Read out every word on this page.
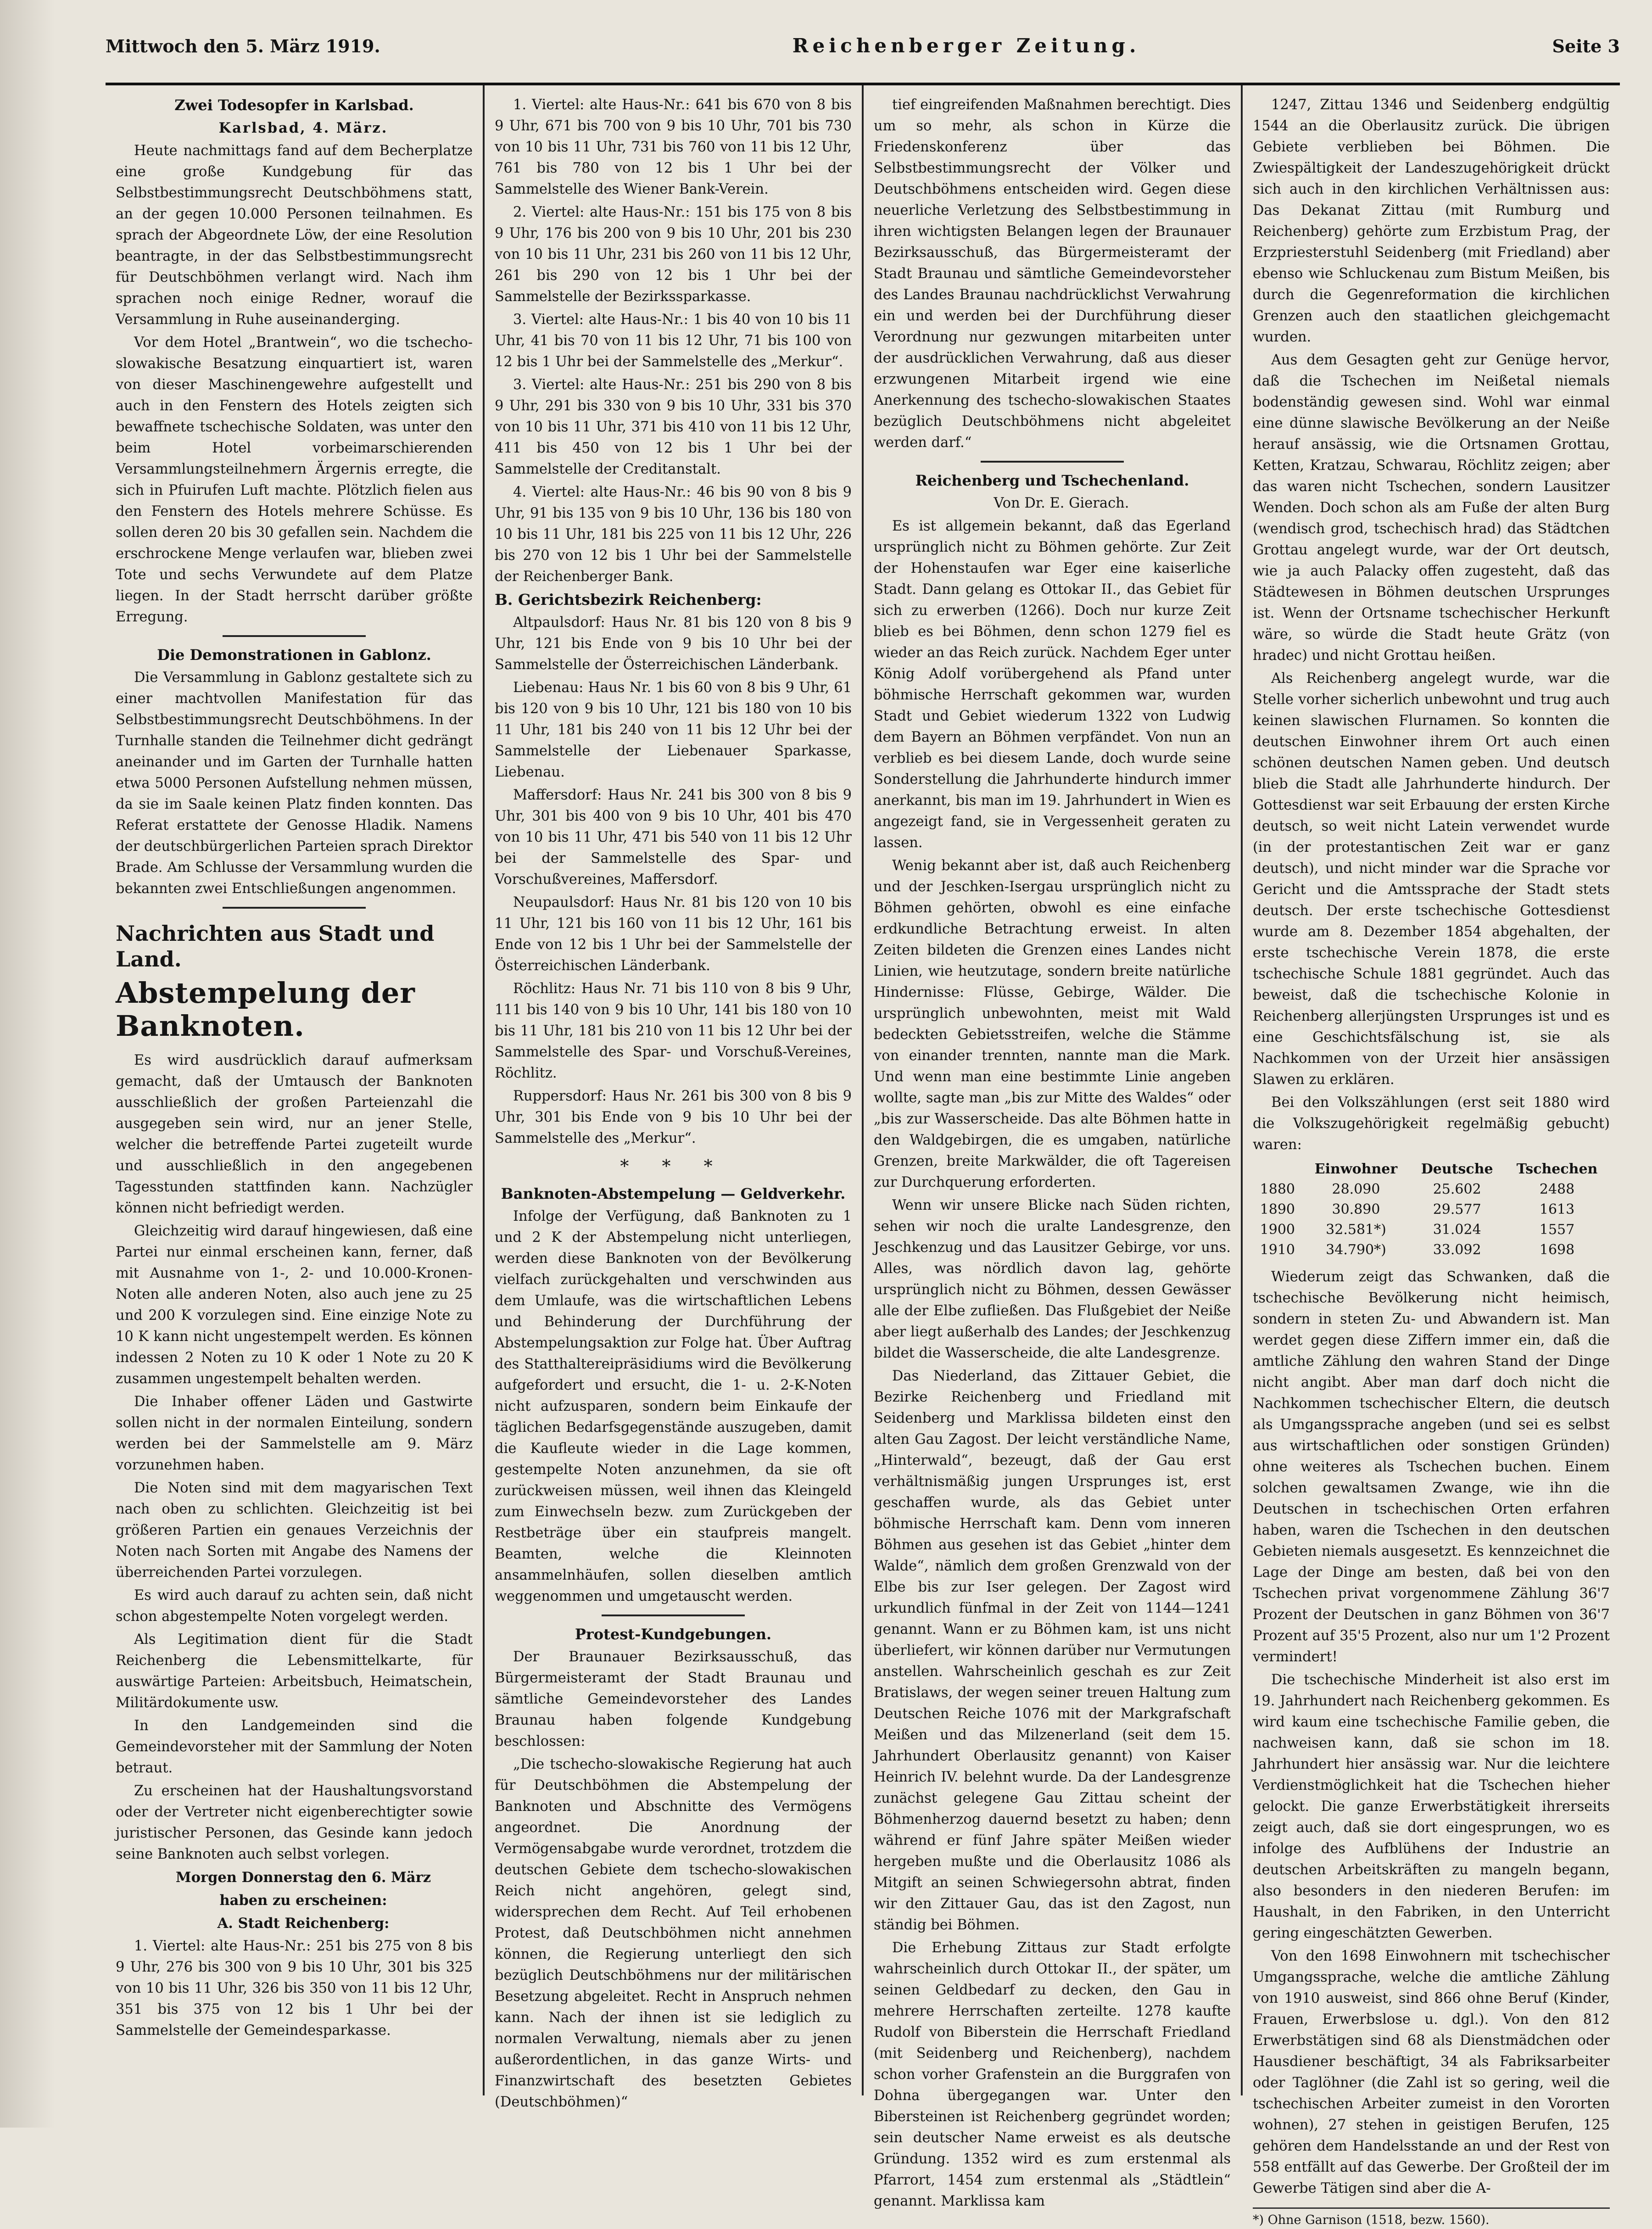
Mittwoch den 5. März 1919.	Reichenberger Zeitung.	Seite 3

Zwei Todesopfer in Karlsbad.

Karlsbad, 4. März.

Heute nachmittags fand auf dem Becherplatze eine große Kundgebung für das Selbstbestimmungsrecht Deutschböhmens statt, an der gegen 10.000 Personen teilnahmen. Es sprach der Abgeordnete Löw, der eine Resolution beantragte, in der das Selbstbestimmungsrecht für Deutschböhmen verlangt wird. Nach ihm sprachen noch einige Redner, worauf die Versammlung in Ruhe auseinanderging.

Vor dem Hotel „Brantwein“, wo die tschecho-slowakische Besatzung einquartiert ist, waren von dieser Maschinengewehre aufgestellt und auch in den Fenstern des Hotels zeigten sich bewaffnete tschechische Soldaten, was unter den beim Hotel vorbeimarschierenden Versammlungsteilnehmern Ärgernis erregte, die sich in Pfuirufen Luft machte. Plötzlich fielen aus den Fenstern des Hotels mehrere Schüsse. Es sollen deren 20 bis 30 gefallen sein. Nachdem die erschrockene Menge verlaufen war, blieben zwei Tote und sechs Verwundete auf dem Platze liegen. In der Stadt herrscht darüber größte Erregung.

Die Demonstrationen in Gablonz.

Die Versammlung in Gablonz gestaltete sich zu einer machtvollen Manifestation für das Selbstbestimmungsrecht Deutschböhmens. In der Turnhalle standen die Teilnehmer dicht gedrängt aneinander und im Garten der Turnhalle hatten etwa 5000 Personen Aufstellung nehmen müssen, da sie im Saale keinen Platz finden konnten. Das Referat erstattete der Genosse Hladik. Namens der deutschbürgerlichen Parteien sprach Direktor Brade. Am Schlusse der Versammlung wurden die bekannten zwei Entschließungen angenommen.

Nachrichten aus Stadt und Land.
Abstempelung der Banknoten.

Es wird ausdrücklich darauf aufmerksam gemacht, daß der Umtausch der Banknoten ausschließlich der großen Parteienzahl die ausgegeben sein wird, nur an jener Stelle, welcher die betreffende Partei zugeteilt wurde und ausschließlich in den angegebenen Tagesstunden stattfinden kann. Nachzügler können nicht befriedigt werden.

Gleichzeitig wird darauf hingewiesen, daß eine Partei nur einmal erscheinen kann, ferner, daß mit Ausnahme von 1-, 2- und 10.000-Kronen-Noten alle anderen Noten, also auch jene zu 25 und 200 K vorzulegen sind. Eine einzige Note zu 10 K kann nicht ungestempelt werden. Es können indessen 2 Noten zu 10 K oder 1 Note zu 20 K zusammen ungestempelt behalten werden.

Die Inhaber offener Läden und Gastwirte sollen nicht in der normalen Einteilung, sondern werden bei der Sammelstelle am 9. März vorzunehmen haben.

Die Noten sind mit dem magyarischen Text nach oben zu schlichten. Gleichzeitig ist bei größeren Partien ein genaues Verzeichnis der Noten nach Sorten mit Angabe des Namens der überreichenden Partei vorzulegen.

Es wird auch darauf zu achten sein, daß nicht schon abgestempelte Noten vorgelegt werden.

Als Legitimation dient für die Stadt Reichenberg die Lebensmittelkarte, für auswärtige Parteien: Arbeitsbuch, Heimatschein, Militärdokumente usw.

In den Landgemeinden sind die Gemeindevorsteher mit der Sammlung der Noten betraut.

Zu erscheinen hat der Haushaltungsvorstand oder der Vertreter nicht eigenberechtigter sowie juristischer Personen, das Gesinde kann jedoch seine Banknoten auch selbst vorlegen.

Morgen Donnerstag den 6. März

haben zu erscheinen:

A. Stadt Reichenberg:

1. Viertel: alte Haus-Nr.: 251 bis 275 von 8 bis 9 Uhr, 276 bis 300 von 9 bis 10 Uhr, 301 bis 325 von 10 bis 11 Uhr, 326 bis 350 von 11 bis 12 Uhr, 351 bis 375 von 12 bis 1 Uhr bei der Sammelstelle der Gemeindesparkasse.

1. Viertel: alte Haus-Nr.: 641 bis 670 von 8 bis 9 Uhr, 671 bis 700 von 9 bis 10 Uhr, 701 bis 730 von 10 bis 11 Uhr, 731 bis 760 von 11 bis 12 Uhr, 761 bis 780 von 12 bis 1 Uhr bei der Sammelstelle des Wiener Bank-Verein.

2. Viertel: alte Haus-Nr.: 151 bis 175 von 8 bis 9 Uhr, 176 bis 200 von 9 bis 10 Uhr, 201 bis 230 von 10 bis 11 Uhr, 231 bis 260 von 11 bis 12 Uhr, 261 bis 290 von 12 bis 1 Uhr bei der Sammelstelle der Bezirkssparkasse.

3. Viertel: alte Haus-Nr.: 1 bis 40 von 10 bis 11 Uhr, 41 bis 70 von 11 bis 12 Uhr, 71 bis 100 von 12 bis 1 Uhr bei der Sammelstelle des „Merkur“.

3. Viertel: alte Haus-Nr.: 251 bis 290 von 8 bis 9 Uhr, 291 bis 330 von 9 bis 10 Uhr, 331 bis 370 von 10 bis 11 Uhr, 371 bis 410 von 11 bis 12 Uhr, 411 bis 450 von 12 bis 1 Uhr bei der Sammelstelle der Creditanstalt.

4. Viertel: alte Haus-Nr.: 46 bis 90 von 8 bis 9 Uhr, 91 bis 135 von 9 bis 10 Uhr, 136 bis 180 von 10 bis 11 Uhr, 181 bis 225 von 11 bis 12 Uhr, 226 bis 270 von 12 bis 1 Uhr bei der Sammelstelle der Reichenberger Bank.

B. Gerichtsbezirk Reichenberg:

Altpaulsdorf: Haus Nr. 81 bis 120 von 8 bis 9 Uhr, 121 bis Ende von 9 bis 10 Uhr bei der Sammelstelle der Österreichischen Länderbank.

Liebenau: Haus Nr. 1 bis 60 von 8 bis 9 Uhr, 61 bis 120 von 9 bis 10 Uhr, 121 bis 180 von 10 bis 11 Uhr, 181 bis 240 von 11 bis 12 Uhr bei der Sammelstelle der Liebenauer Sparkasse, Liebenau.

Maffersdorf: Haus Nr. 241 bis 300 von 8 bis 9 Uhr, 301 bis 400 von 9 bis 10 Uhr, 401 bis 470 von 10 bis 11 Uhr, 471 bis 540 von 11 bis 12 Uhr bei der Sammelstelle des Spar- und Vorschußvereines, Maffersdorf.

Neupaulsdorf: Haus Nr. 81 bis 120 von 10 bis 11 Uhr, 121 bis 160 von 11 bis 12 Uhr, 161 bis Ende von 12 bis 1 Uhr bei der Sammelstelle der Österreichischen Länderbank.

Röchlitz: Haus Nr. 71 bis 110 von 8 bis 9 Uhr, 111 bis 140 von 9 bis 10 Uhr, 141 bis 180 von 10 bis 11 Uhr, 181 bis 210 von 11 bis 12 Uhr bei der Sammelstelle des Spar- und Vorschuß-Vereines, Röchlitz.

Ruppersdorf: Haus Nr. 261 bis 300 von 8 bis 9 Uhr, 301 bis Ende von 9 bis 10 Uhr bei der Sammelstelle des „Merkur“.

* * *

Banknoten-Abstempelung — Geldverkehr.

Infolge der Verfügung, daß Banknoten zu 1 und 2 K der Abstempelung nicht unterliegen, werden diese Banknoten von der Bevölkerung vielfach zurückgehalten und verschwinden aus dem Umlaufe, was die wirtschaftlichen Lebens und Behinderung der Durchführung der Abstempelungsaktion zur Folge hat. Über Auftrag des Statthaltereipräsidiums wird die Bevölkerung aufgefordert und ersucht, die 1- u. 2-K-Noten nicht aufzusparen, sondern beim Einkaufe der täglichen Bedarfsgegenstände auszugeben, damit die Kaufleute wieder in die Lage kommen, gestempelte Noten anzunehmen, da sie oft zurückweisen müssen, weil ihnen das Kleingeld zum Einwechseln bezw. zum Zurückgeben der Restbeträge über ein staufpreis mangelt. Beamten, welche die Kleinnoten ansammelnhäufen, sollen dieselben amtlich weggenommen und umgetauscht werden.

Protest-Kundgebungen.

Der Braunauer Bezirksausschuß, das Bürgermeisteramt der Stadt Braunau und sämtliche Gemeindevorsteher des Landes Braunau haben folgende Kundgebung beschlossen:

„Die tschecho-slowakische Regierung hat auch für Deutschböhmen die Abstempelung der Banknoten und Abschnitte des Vermögens angeordnet. Die Anordnung der Vermögensabgabe wurde verordnet, trotzdem die deutschen Gebiete dem tschecho-slowakischen Reich nicht angehören, gelegt sind, widersprechen dem Recht. Auf Teil erhobenen Protest, daß Deutschböhmen nicht annehmen können, die Regierung unterliegt den sich bezüglich Deutschböhmens nur der militärischen Besetzung abgeleitet. Recht in Anspruch nehmen kann. Nach der ihnen ist sie lediglich zu normalen Verwaltung, niemals aber zu jenen außerordentlichen, in das ganze Wirts- und Finanzwirtschaft des besetzten Gebietes (Deutschböhmen)“

tief eingreifenden Maßnahmen berechtigt. Dies um so mehr, als schon in Kürze die Friedenskonferenz über das Selbstbestimmungsrecht der Völker und Deutschböhmens entscheiden wird. Gegen diese neuerliche Verletzung des Selbstbestimmung in ihren wichtigsten Belangen legen der Braunauer Bezirksausschuß, das Bürgermeisteramt der Stadt Braunau und sämtliche Gemeindevorsteher des Landes Braunau nachdrücklichst Verwahrung ein und werden bei der Durchführung dieser Verordnung nur gezwungen mitarbeiten unter der ausdrücklichen Verwahrung, daß aus dieser erzwungenen Mitarbeit irgend wie eine Anerkennung des tschecho-slowakischen Staates bezüglich Deutschböhmens nicht abgeleitet werden darf.“

Reichenberg und Tschechenland.

Von Dr. E. Gierach.

Es ist allgemein bekannt, daß das Egerland ursprünglich nicht zu Böhmen gehörte. Zur Zeit der Hohenstaufen war Eger eine kaiserliche Stadt. Dann gelang es Ottokar II., das Gebiet für sich zu erwerben (1266). Doch nur kurze Zeit blieb es bei Böhmen, denn schon 1279 fiel es wieder an das Reich zurück. Nachdem Eger unter König Adolf vorübergehend als Pfand unter böhmische Herrschaft gekommen war, wurden Stadt und Gebiet wiederum 1322 von Ludwig dem Bayern an Böhmen verpfändet. Von nun an verblieb es bei diesem Lande, doch wurde seine Sonderstellung die Jahrhunderte hindurch immer anerkannt, bis man im 19. Jahrhundert in Wien es angezeigt fand, sie in Vergessenheit geraten zu lassen.

Wenig bekannt aber ist, daß auch Reichenberg und der Jeschken-Isergau ursprünglich nicht zu Böhmen gehörten, obwohl es eine einfache erdkundliche Betrachtung erweist. In alten Zeiten bildeten die Grenzen eines Landes nicht Linien, wie heutzutage, sondern breite natürliche Hindernisse: Flüsse, Gebirge, Wälder. Die ursprünglich unbewohnten, meist mit Wald bedeckten Gebietsstreifen, welche die Stämme von einander trennten, nannte man die Mark. Und wenn man eine bestimmte Linie angeben wollte, sagte man „bis zur Mitte des Waldes“ oder „bis zur Wasserscheide. Das alte Böhmen hatte in den Waldgebirgen, die es umgaben, natürliche Grenzen, breite Markwälder, die oft Tagereisen zur Durchquerung erforderten.

Wenn wir unsere Blicke nach Süden richten, sehen wir noch die uralte Landesgrenze, den Jeschkenzug und das Lausitzer Gebirge, vor uns. Alles, was nördlich davon lag, gehörte ursprünglich nicht zu Böhmen, dessen Gewässer alle der Elbe zufließen. Das Flußgebiet der Neiße aber liegt außerhalb des Landes; der Jeschkenzug bildet die Wasserscheide, die alte Landesgrenze.

Das Niederland, das Zittauer Gebiet, die Bezirke Reichenberg und Friedland mit Seidenberg und Marklissa bildeten einst den alten Gau Zagost. Der leicht verständliche Name, „Hinterwald“, bezeugt, daß der Gau erst verhältnismäßig jungen Ursprunges ist, erst geschaffen wurde, als das Gebiet unter böhmische Herrschaft kam. Denn vom inneren Böhmen aus gesehen ist das Gebiet „hinter dem Walde“, nämlich dem großen Grenzwald von der Elbe bis zur Iser gelegen. Der Zagost wird urkundlich fünfmal in der Zeit von 1144—1241 genannt. Wann er zu Böhmen kam, ist uns nicht überliefert, wir können darüber nur Vermutungen anstellen. Wahrscheinlich geschah es zur Zeit Bratislaws, der wegen seiner treuen Haltung zum Deutschen Reiche 1076 mit der Markgrafschaft Meißen und das Milzenerland (seit dem 15. Jahrhundert Oberlausitz genannt) von Kaiser Heinrich IV. belehnt wurde. Da der Landesgrenze zunächst gelegene Gau Zittau scheint der Böhmenherzog dauernd besetzt zu haben; denn während er fünf Jahre später Meißen wieder hergeben mußte und die Oberlausitz 1086 als Mitgift an seinen Schwiegersohn abtrat, finden wir den Zittauer Gau, das ist den Zagost, nun ständig bei Böhmen.

Die Erhebung Zittaus zur Stadt erfolgte wahrscheinlich durch Ottokar II., der später, um seinen Geldbedarf zu decken, den Gau in mehrere Herrschaften zerteilte. 1278 kaufte Rudolf von Biberstein die Herrschaft Friedland (mit Seidenberg und Reichenberg), nachdem schon vorher Grafenstein an die Burggrafen von Dohna übergegangen war. Unter den Bibersteinen ist Reichenberg gegründet worden; sein deutscher Name erweist es als deutsche Gründung. 1352 wird es zum erstenmal als Pfarrort, 1454 zum erstenmal als „Städtlein“ genannt. Marklissa kam

1247, Zittau 1346 und Seidenberg endgültig 1544 an die Oberlausitz zurück. Die übrigen Gebiete verblieben bei Böhmen. Die Zwiespältigkeit der Landeszugehörigkeit drückt sich auch in den kirchlichen Verhältnissen aus: Das Dekanat Zittau (mit Rumburg und Reichenberg) gehörte zum Erzbistum Prag, der Erzpriesterstuhl Seidenberg (mit Friedland) aber ebenso wie Schluckenau zum Bistum Meißen, bis durch die Gegenreformation die kirchlichen Grenzen auch den staatlichen gleichgemacht wurden.

Aus dem Gesagten geht zur Genüge hervor, daß die Tschechen im Neißetal niemals bodenständig gewesen sind. Wohl war einmal eine dünne slawische Bevölkerung an der Neiße herauf ansässig, wie die Ortsnamen Grottau, Ketten, Kratzau, Schwarau, Röchlitz zeigen; aber das waren nicht Tschechen, sondern Lausitzer Wenden. Doch schon als am Fuße der alten Burg (wendisch grod, tschechisch hrad) das Städtchen Grottau angelegt wurde, war der Ort deutsch, wie ja auch Palacky offen zugesteht, daß das Städtewesen in Böhmen deutschen Ursprunges ist. Wenn der Ortsname tschechischer Herkunft wäre, so würde die Stadt heute Grätz (von hradec) und nicht Grottau heißen.

Als Reichenberg angelegt wurde, war die Stelle vorher sicherlich unbewohnt und trug auch keinen slawischen Flurnamen. So konnten die deutschen Einwohner ihrem Ort auch einen schönen deutschen Namen geben. Und deutsch blieb die Stadt alle Jahrhunderte hindurch. Der Gottesdienst war seit Erbauung der ersten Kirche deutsch, so weit nicht Latein verwendet wurde (in der protestantischen Zeit war er ganz deutsch), und nicht minder war die Sprache vor Gericht und die Amtssprache der Stadt stets deutsch. Der erste tschechische Gottesdienst wurde am 8. Dezember 1854 abgehalten, der erste tschechische Verein 1878, die erste tschechische Schule 1881 gegründet. Auch das beweist, daß die tschechische Kolonie in Reichenberg allerjüngsten Ursprunges ist und es eine Geschichtsfälschung ist, sie als Nachkommen von der Urzeit hier ansässigen Slawen zu erklären.

Bei den Volkszählungen (erst seit 1880 wird die Volkszugehörigkeit regelmäßig gebucht) waren:

	Einwohner	Deutsche	Tschechen
1880	28.090	25.602	2488
1890	30.890	29.577	1613
1900	32.581*)	31.024	1557
1910	34.790*)	33.092	1698

Wiederum zeigt das Schwanken, daß die tschechische Bevölkerung nicht heimisch, sondern in steten Zu- und Abwandern ist. Man werdet gegen diese Ziffern immer ein, daß die amtliche Zählung den wahren Stand der Dinge nicht angibt. Aber man darf doch nicht die Nachkommen tschechischer Eltern, die deutsch als Umgangssprache angeben (und sei es selbst aus wirtschaftlichen oder sonstigen Gründen) ohne weiteres als Tschechen buchen. Einem solchen gewaltsamen Zwange, wie ihn die Deutschen in tschechischen Orten erfahren haben, waren die Tschechen in den deutschen Gebieten niemals ausgesetzt. Es kennzeichnet die Lage der Dinge am besten, daß bei von den Tschechen privat vorgenommene Zählung 36'7 Prozent der Deutschen in ganz Böhmen von 36'7 Prozent auf 35'5 Prozent, also nur um 1'2 Prozent vermindert!

Die tschechische Minderheit ist also erst im 19. Jahrhundert nach Reichenberg gekommen. Es wird kaum eine tschechische Familie geben, die nachweisen kann, daß sie schon im 18. Jahrhundert hier ansässig war. Nur die leichtere Verdienstmöglichkeit hat die Tschechen hieher gelockt. Die ganze Erwerbstätigkeit ihrerseits zeigt auch, daß sie dort eingesprungen, wo es infolge des Aufblühens der Industrie an deutschen Arbeitskräften zu mangeln begann, also besonders in den niederen Berufen: im Haushalt, in den Fabriken, in den Unterricht gering eingeschätzten Gewerben.

Von den 1698 Einwohnern mit tschechischer Umgangssprache, welche die amtliche Zählung von 1910 ausweist, sind 866 ohne Beruf (Kinder, Frauen, Erwerbslose u. dgl.). Von den 812 Erwerbstätigen sind 68 als Dienstmädchen oder Hausdiener beschäftigt, 34 als Fabriksarbeiter oder Taglöhner (die Zahl ist so gering, weil die tschechischen Arbeiter zumeist in den Vororten wohnen), 27 stehen in geistigen Berufen, 125 gehören dem Handelsstande an und der Rest von 558 entfällt auf das Gewerbe. Der Großteil der im Gewerbe Tätigen sind aber die A-

*) Ohne Garnison (1518, bezw. 1560).
